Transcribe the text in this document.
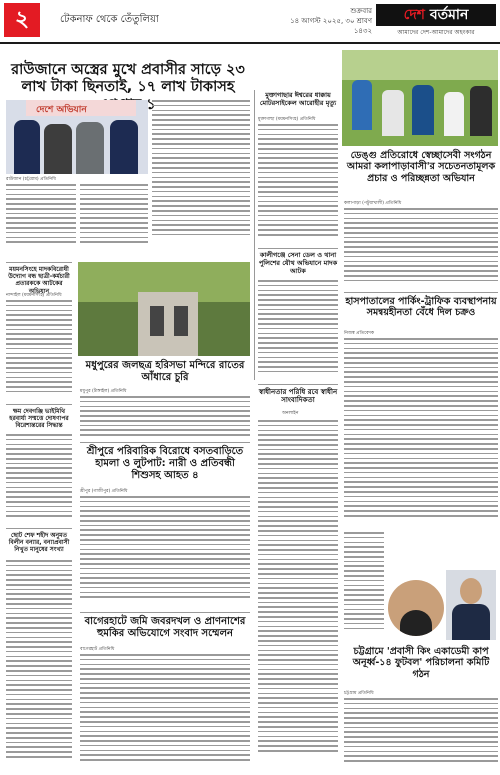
২	টেকনাফ থেকে তেঁতুলিয়া
শুক্রবার
১৪ আগস্ট ২০২৫, ৩০ শ্রাবণ ১৪৩২
দেশ বর্তমান
আমাদের দেশ-আমাদের অহংকার
রাউজানে অস্ত্রের মুখে প্রবাসীর সাড়ে ২৩ লাখ টাকা ছিনতাই, ১৭ লাখ টাকাসহ ১
দেশে অভিযান
রাউজান (চট্টগ্রাম) প্রতিনিধি
মুক্তাগাছার ঈশ্বরের ধাক্কায় মোটরসাইকেল আরোহীর মৃত্যু
মুক্তাগাছা (ময়মনসিংহ) প্রতিনিধি
ডেঙ্গু প্রতিরোধে স্বেচ্ছাসেবী সংগঠন আমরা কলাপাড়াবাসী'র সচেতনতামূলক প্রচার ও পরিচ্ছন্নতা অভিযান
কলাপাড়া (পটুয়াখালী) প্রতিনিধি
ময়মনসিংহে মাদকবিরোধী উদ্যোগ বন্ধ ছাত্রী-কর্মচারী প্রতারককে আটকের অভিযান
নান্দাইল (ময়মনসিংহ) প্রতিনিধি
মধুপুরের জলছত্র হরিসভা মন্দিরে রাতের আঁধারে চুরি
মধুপুর (টাঙ্গাইল) প্রতিনিধি
কালীগঞ্জে সেনা ডেল ও থানা পুলিশের যৌথ অভিযানে মাদক আটক
হাসপাতালের পার্কিং-ট্রাফিক ব্যবস্থাপনায় সমন্বয়হীনতা বেঁধে দিল চক্রও
নিজস্ব প্রতিবেদক
ক্ষম দেবগঞ্জি ভাইমিথি হরবার্যা সম্মত্তে দোষণাপর বিরেশ্যন্তরের সিদ্ধান্ত
শ্রীপুরে পরিবারিক বিরোধে বসতবাড়িতে হামলা ও লুটপাট: নারী ও প্রতিবন্ধী শিশুসহ আহত ৪
শ্রীপুর (গাজীপুর) প্রতিনিধি
স্বাধীনতার পরিধি রবে স্বাধীন সাংবাদিকতা
অনলাইন
ছোট শেফ শহীদ অনুমত বিলীন বন্যার, বন্যাপ্রবাসী নিখুত মানুষের সংখ্যা
বাগেরহাটে জমি জবরদখল ও প্রাণনাশের হুমকির অভিযোগে সংবাদ সম্মেলন
বাগেরহাট প্রতিনিধি	চট্টগ্রামে 'প্রবাসী কিং একাডেমী কাপ অনূর্ধ্ব-১৪ ফুটবল' পরিচালনা কমিটি গঠন
চট্টগ্রাম প্রতিনিধি
